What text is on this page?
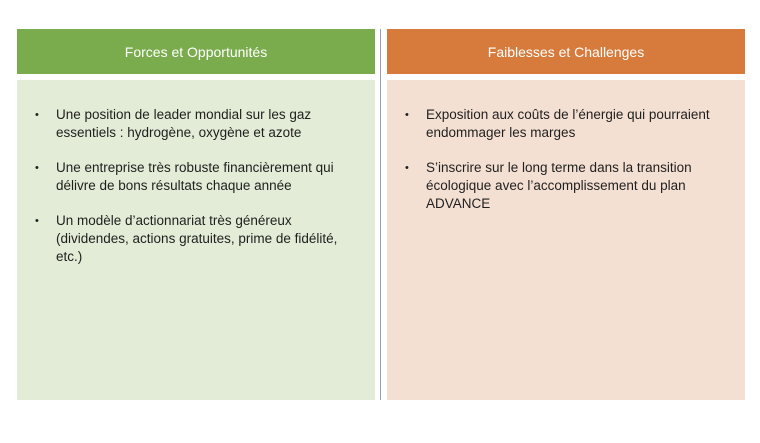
Forces et Opportunités
• Une position de leader mondial sur les gaz essentiels : hydrogène, oxygène et azote
• Une entreprise très robuste financièrement qui délivre de bons résultats chaque année
• Un modèle d’actionnariat très généreux (dividendes, actions gratuites, prime de fidélité, etc.)
Faiblesses et Challenges
• Exposition aux coûts de l’énergie qui pourraient endommager les marges
• S’inscrire sur le long terme dans la transition écologique avec l’accomplissement du plan ADVANCE
